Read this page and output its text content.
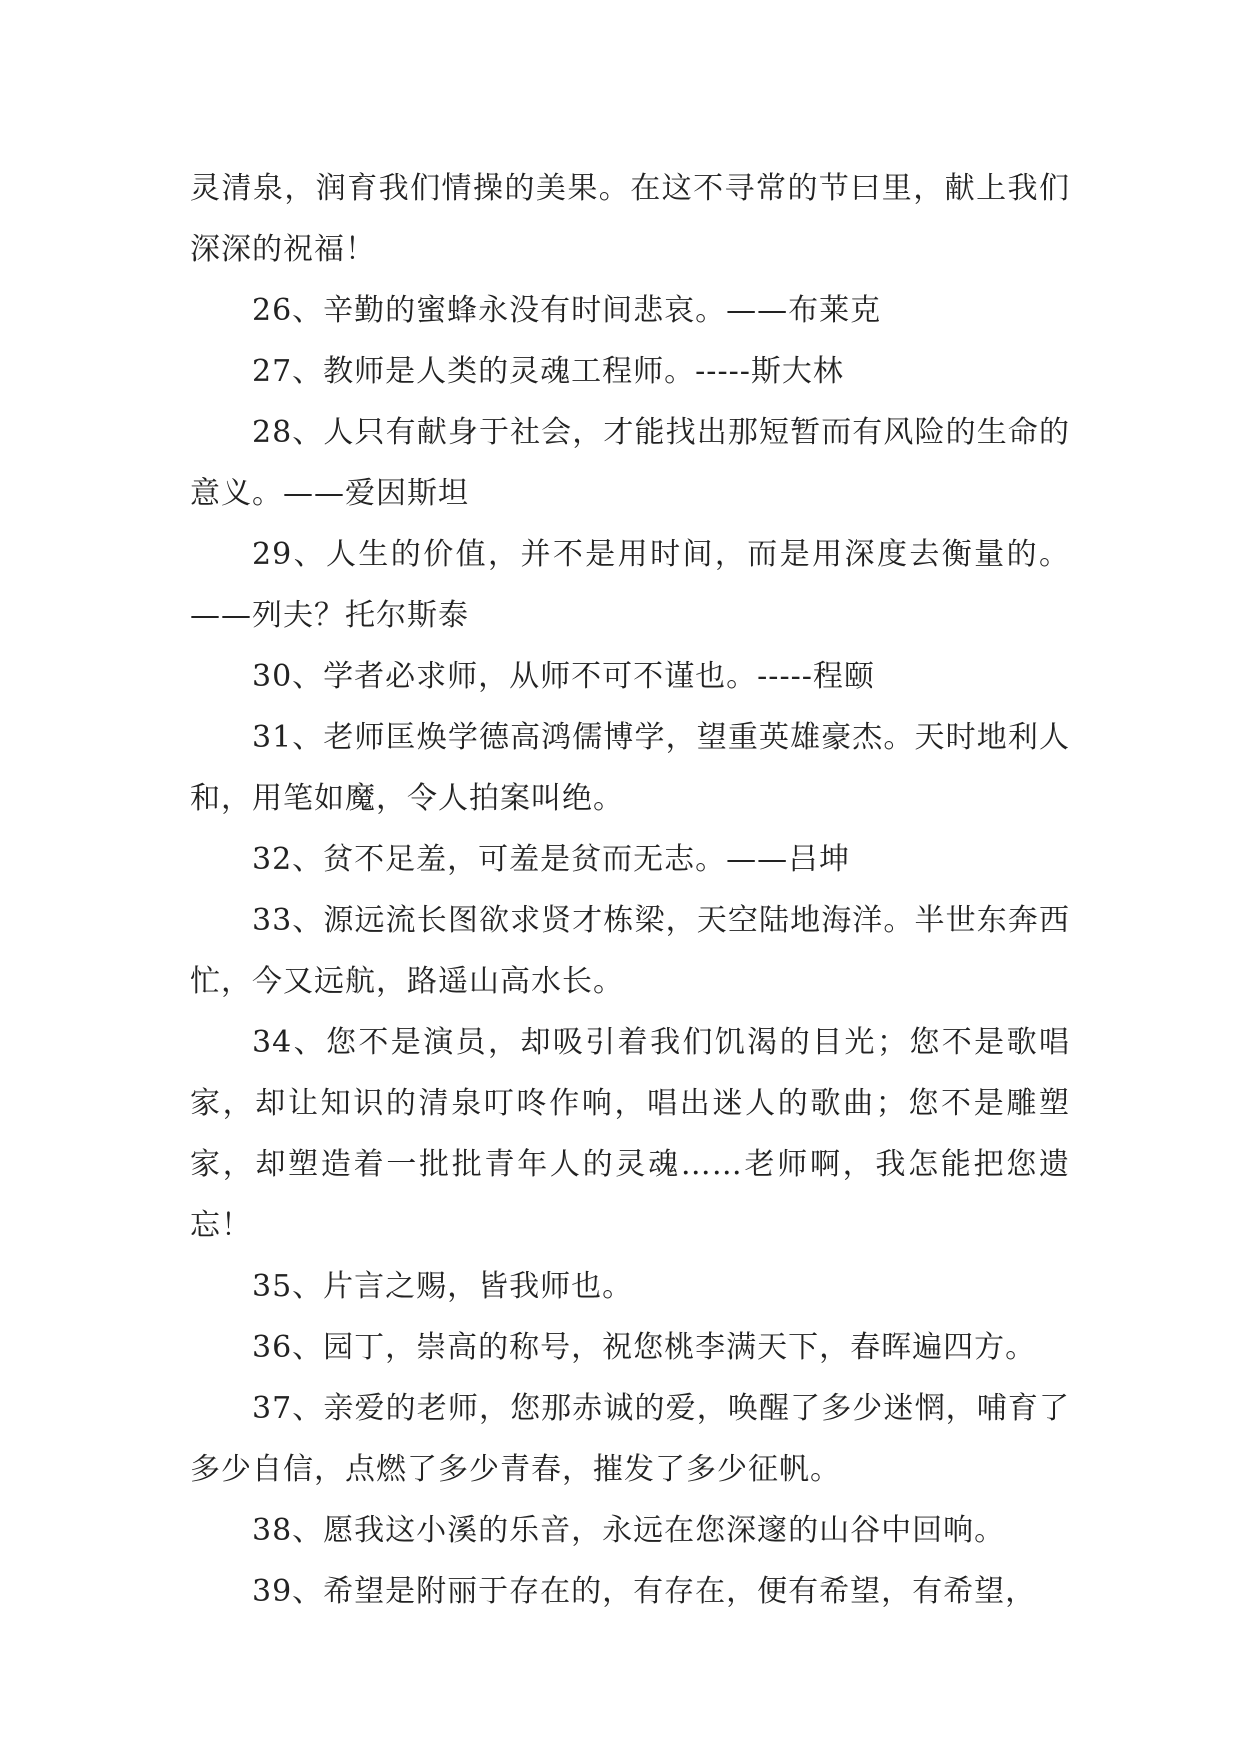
灵清泉，润育我们情操的美果。在这不寻常的节曰里，献上我们深深的祝福！

26、辛勤的蜜蜂永没有时间悲哀。——布莱克

27、教师是人类的灵魂工程师。-----斯大林

28、人只有献身于社会，才能找出那短暂而有风险的生命的意义。——爱因斯坦

29、人生的价值，并不是用时间，而是用深度去衡量的。——列夫？托尔斯泰

30、学者必求师，从师不可不谨也。-----程颐

31、老师匡焕学德高鸿儒博学，望重英雄豪杰。天时地利人和，用笔如魔，令人拍案叫绝。

32、贫不足羞，可羞是贫而无志。——吕坤

33、源远流长图欲求贤才栋梁，天空陆地海洋。半世东奔西忙，今又远航，路遥山高水长。

34、您不是演员，却吸引着我们饥渴的目光；您不是歌唱家，却让知识的清泉叮咚作响，唱出迷人的歌曲；您不是雕塑家，却塑造着一批批青年人的灵魂……老师啊，我怎能把您遗忘！

35、片言之赐，皆我师也。

36、园丁，崇高的称号，祝您桃李满天下，春晖遍四方。

37、亲爱的老师，您那赤诚的爱，唤醒了多少迷惘，哺育了多少自信，点燃了多少青春，摧发了多少征帆。

38、愿我这小溪的乐音，永远在您深邃的山谷中回响。

39、希望是附丽于存在的，有存在，便有希望，有希望，
